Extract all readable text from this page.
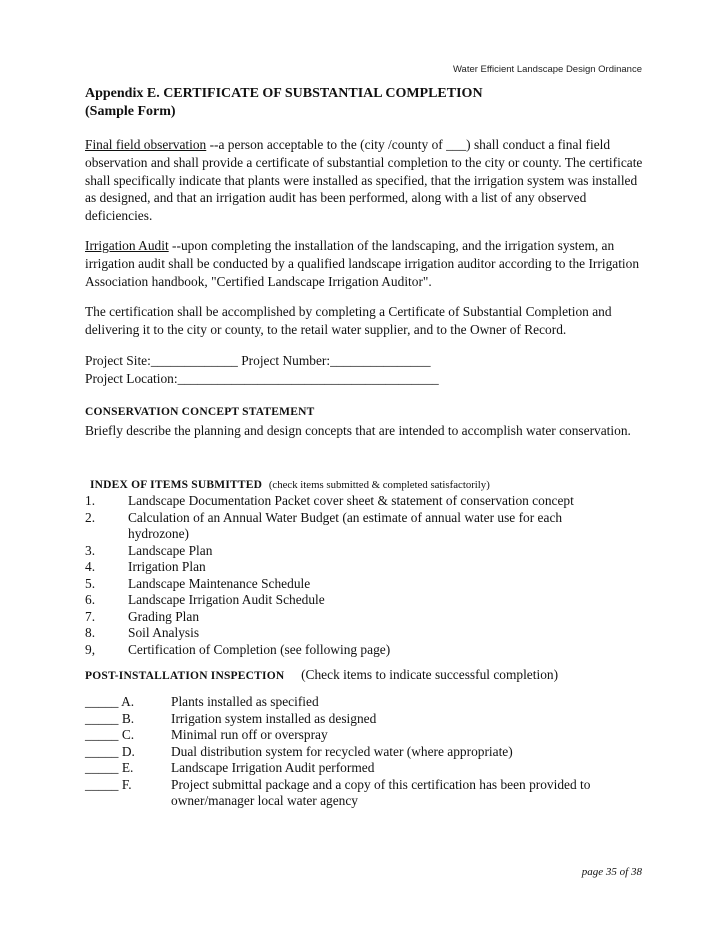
Water Efficient Landscape Design Ordinance
Appendix E. CERTIFICATE OF SUBSTANTIAL COMPLETION
(Sample Form)
Final field observation --a person acceptable to the (city /county of ___) shall conduct a final field observation and shall provide a certificate of substantial completion to the city or county. The certificate shall specifically indicate that plants were installed as specified, that the irrigation system was installed as designed, and that an irrigation audit has been performed, along with a list of any observed deficiencies.
Irrigation Audit --upon completing the installation of the landscaping, and the irrigation system, an irrigation audit shall be conducted by a qualified landscape irrigation auditor according to the Irrigation Association handbook, "Certified Landscape Irrigation Auditor".
The certification shall be accomplished by completing a Certificate of Substantial Completion and delivering it to the city or county, to the retail water supplier, and to the Owner of Record.
Project Site:_____________ Project Number:_______________
Project Location:_______________________________________
CONSERVATION CONCEPT STATEMENT
Briefly describe the planning and design concepts that are intended to accomplish water conservation.
INDEX OF ITEMS SUBMITTED (check items submitted & completed satisfactorily)
1. Landscape Documentation Packet cover sheet & statement of conservation concept
2. Calculation of an Annual Water Budget (an estimate of annual water use for each
hydrozone)
3. Landscape Plan
4. Irrigation Plan
5. Landscape Maintenance Schedule
6. Landscape Irrigation Audit Schedule
7. Grading Plan
8. Soil Analysis
9, Certification of Completion (see following page)
POST-INSTALLATION INSPECTION (Check items to indicate successful completion)
_____ A.	Plants installed as specified
_____ B.	Irrigation system installed as designed
_____ C.	Minimal run off or overspray
_____ D.	Dual distribution system for recycled water (where appropriate)
_____ E.	Landscape Irrigation Audit performed
_____ F.	Project submittal package and a copy of this certification has been provided to
owner/manager local water agency
page 35 of 38
